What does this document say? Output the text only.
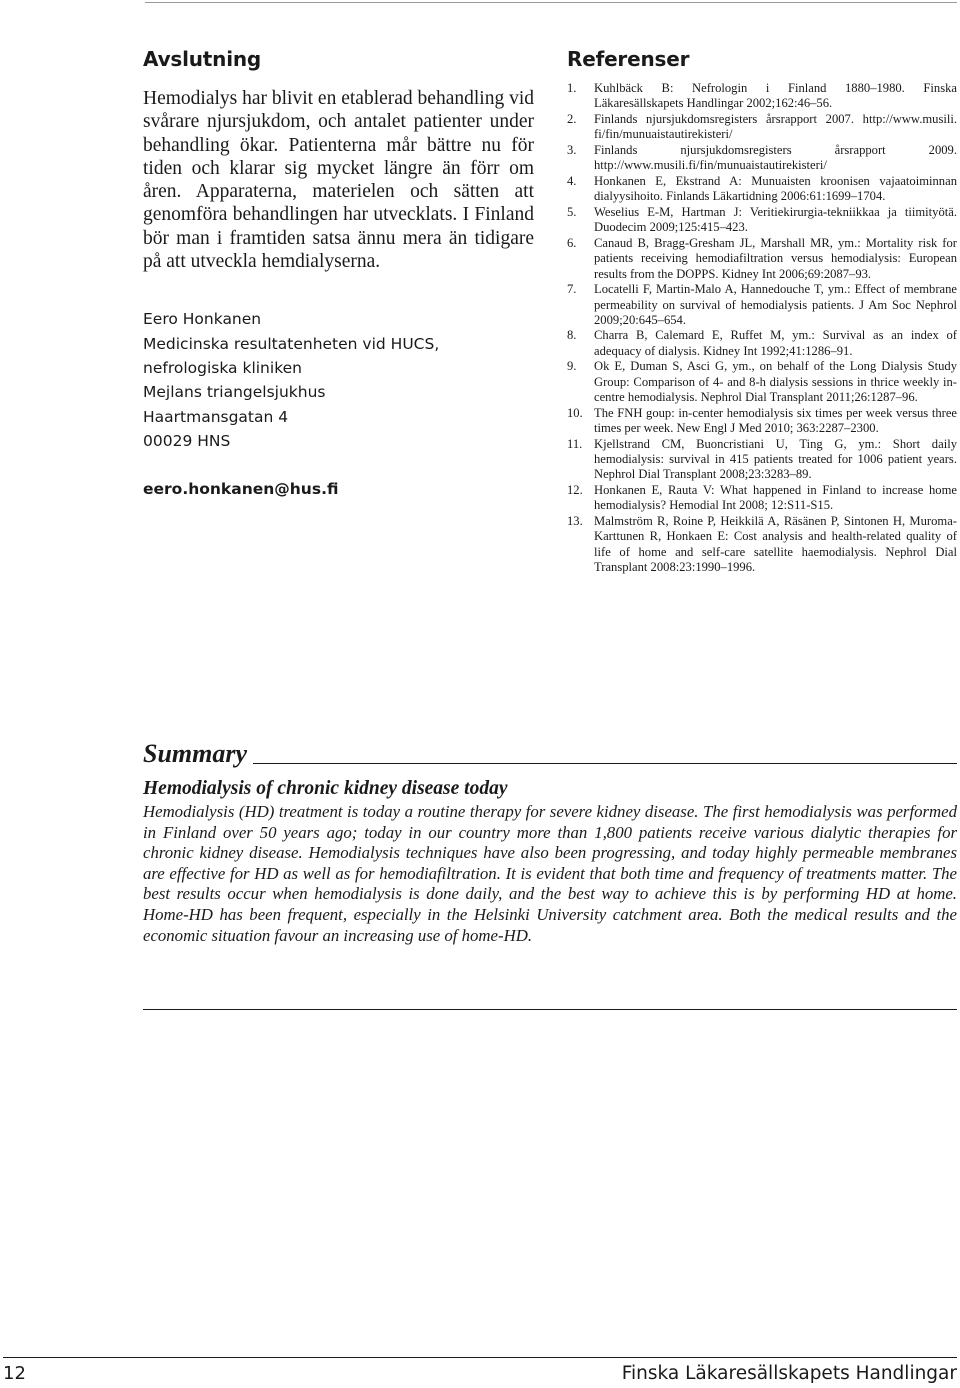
Avslutning

Hemodialys har blivit en etablerad behandling vid svårare njursjukdom, och antalet patienter under behandling ökar. Patienterna mår bättre nu för tiden och klarar sig mycket längre än förr om åren. Apparaterna, materielen och sätten att genomföra behandlingen har utvecklats. I Finland bör man i framtiden satsa ännu mera än tidigare på att utveckla hemdialyserna.

Eero Honkanen
Medicinska resultatenheten vid HUCS,
nefrologiska kliniken
Mejlans triangelsjukhus
Haartmansgatan 4
00029 HNS
eero.honkanen@hus.fi
Referenser
1. Kuhlbäck B: Nefrologin i Finland 1880–1980. Finska Läkaresällskapets Handlingar 2002;162:46–56.
2. Finlands njursjukdomsregisters årsrapport 2007. http://www.musili. fi/fin/munuaistautirekisteri/
3. Finlands njursjukdomsregisters årsrapport 2009. http://www.musili.fi/fin/munuaistautirekisteri/
4. Honkanen E, Ekstrand A: Munuaisten kroonisen vajaatoiminnan dialyysihoito. Finlands Läkartidning 2006:61:1699–1704.
5. Weselius E-M, Hartman J: Veritiekirurgia-tekniikkaa ja tiimityötä. Duodecim 2009;125:415–423.
6. Canaud B, Bragg-Gresham JL, Marshall MR, ym.: Mortality risk for patients receiving hemodiafiltration versus hemodialysis: European results from the DOPPS. Kidney Int 2006;69:2087–93.
7. Locatelli F, Martin-Malo A, Hannedouche T, ym.: Effect of membrane permeability on survival of hemodialysis patients. J Am Soc Nephrol 2009;20:645–654.
8. Charra B, Calemard E, Ruffet M, ym.: Survival as an index of adequacy of dialysis. Kidney Int 1992;41:1286–91.
9. Ok E, Duman S, Asci G, ym., on behalf of the Long Dialysis Study Group: Comparison of 4- and 8-h dialysis sessions in thrice weekly in-centre hemodialysis. Nephrol Dial Transplant 2011;26:1287–96.
10. The FNH goup: in-center hemodialysis six times per week versus three times per week. New Engl J Med 2010; 363:2287–2300.
11. Kjellstrand CM, Buoncristiani U, Ting G, ym.: Short daily hemodialysis: survival in 415 patients treated for 1006 patient years. Nephrol Dial Transplant 2008;23:3283–89.
12. Honkanen E, Rauta V: What happened in Finland to increase home hemodialysis? Hemodial Int 2008; 12:S11-S15.
13. Malmström R, Roine P, Heikkilä A, Räsänen P, Sintonen H, Muroma-Karttunen R, Honkaen E: Cost analysis and health-related quality of life of home and self-care satellite haemodialysis. Nephrol Dial Transplant 2008:23:1990–1996.
Summary
Hemodialysis of chronic kidney disease today
Hemodialysis (HD) treatment is today a routine therapy for severe kidney disease. The first hemodialysis was performed in Finland over 50 years ago; today in our country more than 1,800 patients receive various dialytic therapies for chronic kidney disease. Hemodialysis techniques have also been progressing, and today highly permeable membranes are effective for HD as well as for hemodiafiltration. It is evident that both time and frequency of treatments matter. The best results occur when hemodialysis is done daily, and the best way to achieve this is by performing HD at home. Home-HD has been frequent, especially in the Helsinki University catchment area. Both the medical results and the economic situation favour an increasing use of home-HD.
12	Finska Läkaresällskapets Handlingar
